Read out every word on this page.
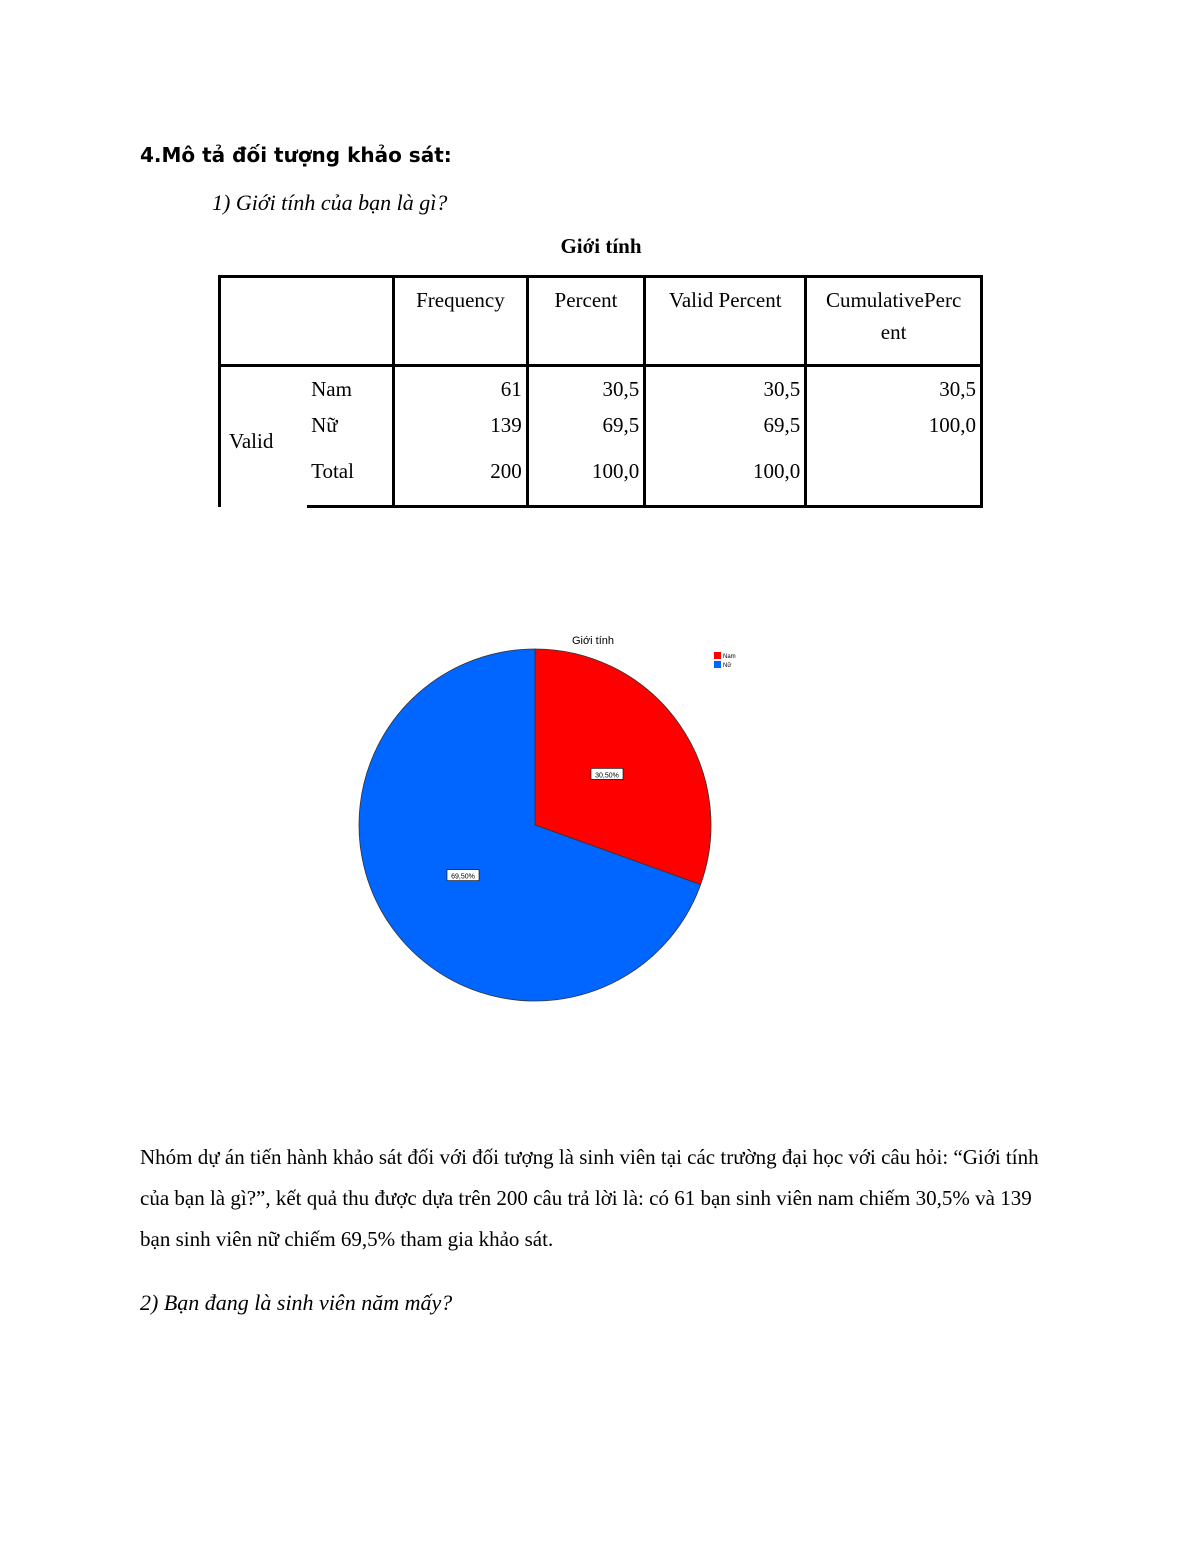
4.Mô tả đối tượng khảo sát:
1) Giới tính của bạn là gì?
Giới tính
		Frequency	Percent	Valid Percent	CumulativePerc ent
Valid	Nam	61	30,5	30,5	30,5
	Nữ	139	69,5	69,5	100,0
	Total	200	100,0	100,0	
Giới tính
30,50%
69,50%
Nam
Nữ
Nhóm dự án tiến hành khảo sát đối với đối tượng là sinh viên tại các trường đại học với câu hỏi: “Giới tính của bạn là gì?”, kết quả thu được dựa trên 200 câu trả lời là: có 61 bạn sinh viên nam chiếm 30,5% và 139 bạn sinh viên nữ chiếm 69,5% tham gia khảo sát.
2) Bạn đang là sinh viên năm mấy?
